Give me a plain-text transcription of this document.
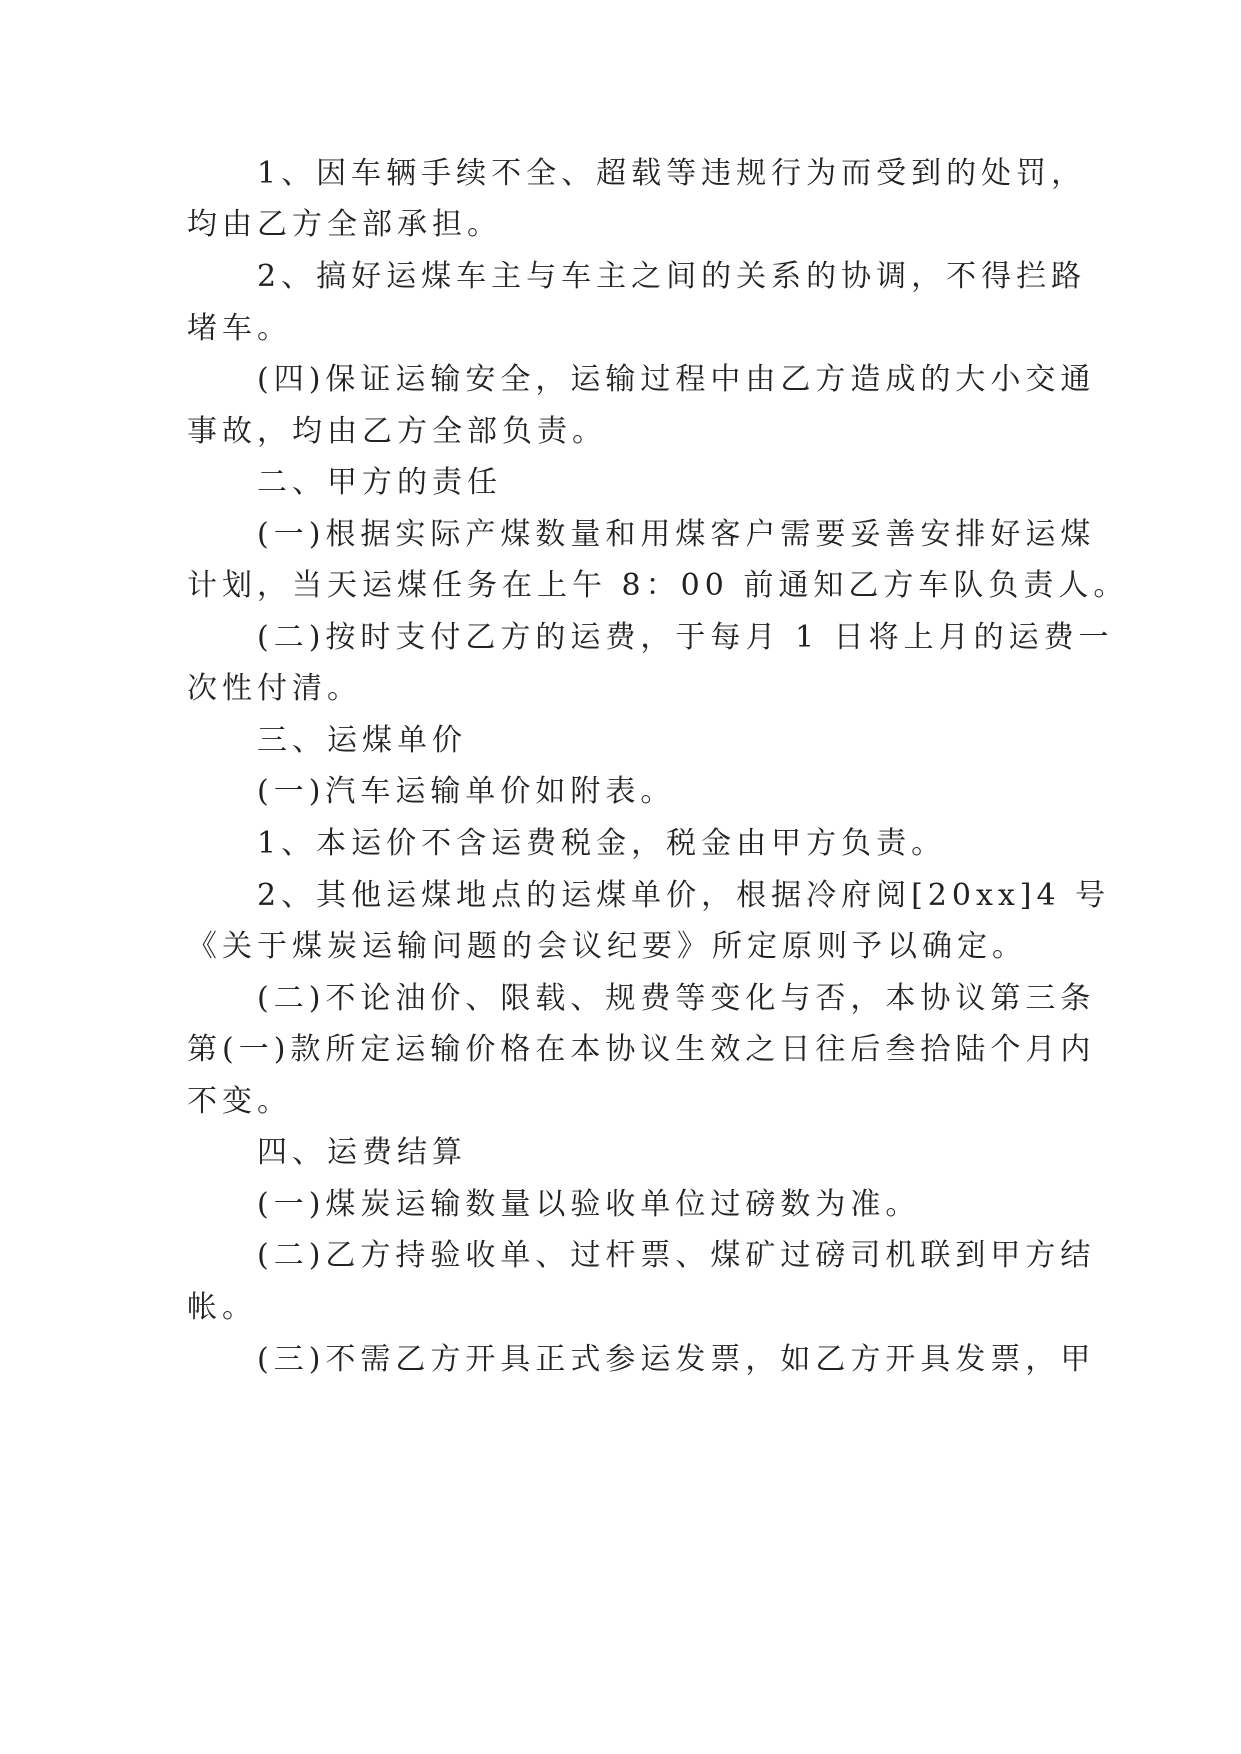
1、因车辆手续不全、超载等违规行为而受到的处罚，
均由乙方全部承担。
2、搞好运煤车主与车主之间的关系的协调，不得拦路
堵车。
(四)保证运输安全，运输过程中由乙方造成的大小交通
事故，均由乙方全部负责。
二、甲方的责任
(一)根据实际产煤数量和用煤客户需要妥善安排好运煤
计划，当天运煤任务在上午 8：00 前通知乙方车队负责人。
(二)按时支付乙方的运费，于每月 1 日将上月的运费一
次性付清。
三、运煤单价
(一)汽车运输单价如附表。
1、本运价不含运费税金，税金由甲方负责。
2、其他运煤地点的运煤单价，根据冷府阅[20xx]4 号
《关于煤炭运输问题的会议纪要》所定原则予以确定。
(二)不论油价、限载、规费等变化与否，本协议第三条
第(一)款所定运输价格在本协议生效之日往后叁拾陆个月内
不变。
四、运费结算
(一)煤炭运输数量以验收单位过磅数为准。
(二)乙方持验收单、过杆票、煤矿过磅司机联到甲方结
帐。
(三)不需乙方开具正式参运发票，如乙方开具发票，甲
